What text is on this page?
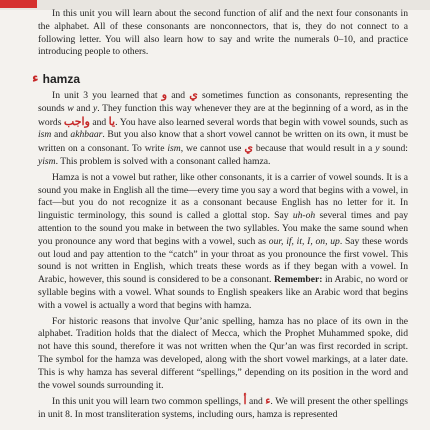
In this unit you will learn about the second function of alif and the next four consonants in the alphabet. All of these consonants are nonconnectors, that is, they do not connect to a following letter. You will also learn how to say and write the numerals 0–10, and practice introducing people to others.

ء hamza

In unit 3 you learned that و and ي sometimes function as consonants, representing the sounds w and y. They function this way whenever they are at the beginning of a word, as in the words واجب and يا. You have also learned several words that begin with vowel sounds, such as ism and akhbaar. But you also know that a short vowel cannot be written on its own, it must be written on a consonant. To write ism, we cannot use ي because that would result in a y sound: yism. This problem is solved with a consonant called hamza.

Hamza is not a vowel but rather, like other consonants, it is a carrier of vowel sounds. It is a sound you make in English all the time—every time you say a word that begins with a vowel, in fact—but you do not recognize it as a consonant because English has no letter for it. In linguistic terminology, this sound is called a glottal stop. Say uh-oh several times and pay attention to the sound you make in between the two syllables. You make the same sound when you pronounce any word that begins with a vowel, such as our, if, it, I, on, up. Say these words out loud and pay attention to the “catch” in your throat as you pronounce the first vowel. This sound is not written in English, which treats these words as if they began with a vowel. In Arabic, however, this sound is considered to be a consonant. Remember: in Arabic, no word or syllable begins with a vowel. What sounds to English speakers like an Arabic word that begins with a vowel is actually a word that begins with hamza.

For historic reasons that involve Qur’anic spelling, hamza has no place of its own in the alphabet. Tradition holds that the dialect of Mecca, which the Prophet Muhammed spoke, did not have this sound, therefore it was not written when the Qur’an was first recorded in script. The symbol for the hamza was developed, along with the short vowel markings, at a later date. This is why hamza has several different “spellings,” depending on its position in the word and the vowel sounds surrounding it.

In this unit you will learn two common spellings, أ and ء. We will present the other spellings in unit 8. In most transliteration systems, including ours, hamza is represented
